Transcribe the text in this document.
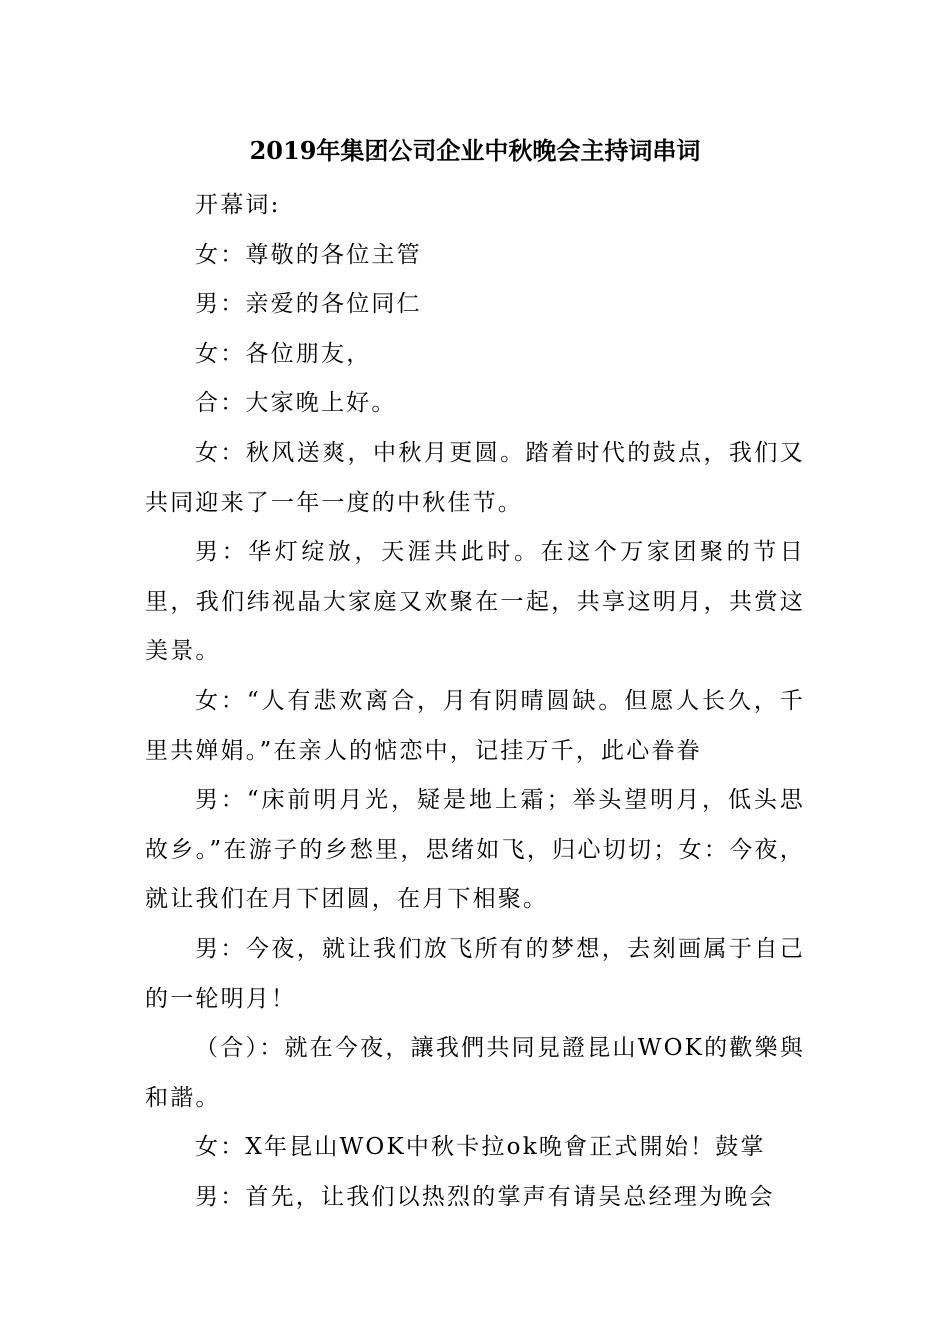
2019年集团公司企业中秋晚会主持词串词

开幕词:

女：尊敬的各位主管

男：亲爱的各位同仁

女：各位朋友，

合：大家晚上好。

女：秋风送爽，中秋月更圆。踏着时代的鼓点，我们又共同迎来了一年一度的中秋佳节。

男：华灯绽放，天涯共此时。在这个万家团聚的节日里，我们纬视晶大家庭又欢聚在一起，共享这明月，共赏这美景。

女：“人有悲欢离合，月有阴晴圆缺。但愿人长久，千里共婵娟。”在亲人的惦恋中，记挂万千，此心眷眷

男：“床前明月光，疑是地上霜；举头望明月，低头思故乡。”在游子的乡愁里，思绪如飞，归心切切；女：今夜，就让我们在月下团圆，在月下相聚。

男：今夜，就让我们放飞所有的梦想，去刻画属于自己的一轮明月！

（合）：就在今夜，讓我們共同見證昆山WOK的歡樂與和諧。

女：X年昆山WOK中秋卡拉ok晚會正式開始！鼓掌

男：首先，让我们以热烈的掌声有请吴总经理为晚会
